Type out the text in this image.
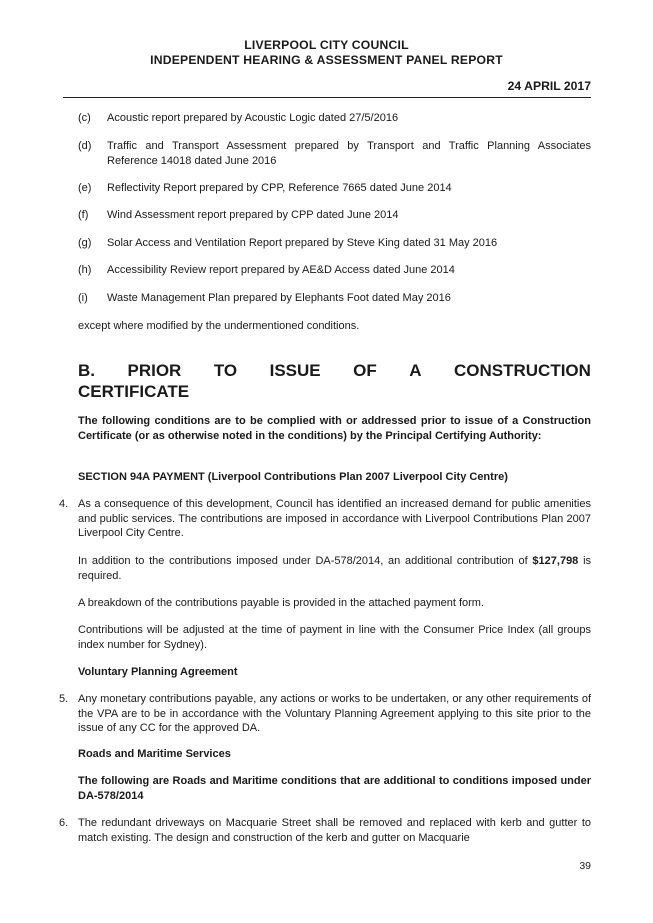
LIVERPOOL CITY COUNCIL
INDEPENDENT HEARING & ASSESSMENT PANEL REPORT
24 APRIL 2017
(c) Acoustic report prepared by Acoustic Logic dated 27/5/2016
(d) Traffic and Transport Assessment prepared by Transport and Traffic Planning Associates Reference 14018 dated June 2016
(e) Reflectivity Report prepared by CPP, Reference 7665 dated June 2014
(f) Wind Assessment report prepared by CPP dated June 2014
(g) Solar Access and Ventilation Report prepared by Steve King dated 31 May 2016
(h) Accessibility Review report prepared by AE&D Access dated June 2014
(i) Waste Management Plan prepared by Elephants Foot dated May 2016
except where modified by the undermentioned conditions.
B. PRIOR TO ISSUE OF A CONSTRUCTION
CERTIFICATE
The following conditions are to be complied with or addressed prior to issue of a Construction Certificate (or as otherwise noted in the conditions) by the Principal Certifying Authority:
SECTION 94A PAYMENT (Liverpool Contributions Plan 2007 Liverpool City Centre)
4. As a consequence of this development, Council has identified an increased demand for public amenities and public services. The contributions are imposed in accordance with Liverpool Contributions Plan 2007 Liverpool City Centre.
In addition to the contributions imposed under DA-578/2014, an additional contribution of $127,798 is required.
A breakdown of the contributions payable is provided in the attached payment form.
Contributions will be adjusted at the time of payment in line with the Consumer Price Index (all groups index number for Sydney).
Voluntary Planning Agreement
5. Any monetary contributions payable, any actions or works to be undertaken, or any other requirements of the VPA are to be in accordance with the Voluntary Planning Agreement applying to this site prior to the issue of any CC for the approved DA.
Roads and Maritime Services
The following are Roads and Maritime conditions that are additional to conditions imposed under DA-578/2014
6. The redundant driveways on Macquarie Street shall be removed and replaced with kerb and gutter to match existing. The design and construction of the kerb and gutter on Macquarie
39
